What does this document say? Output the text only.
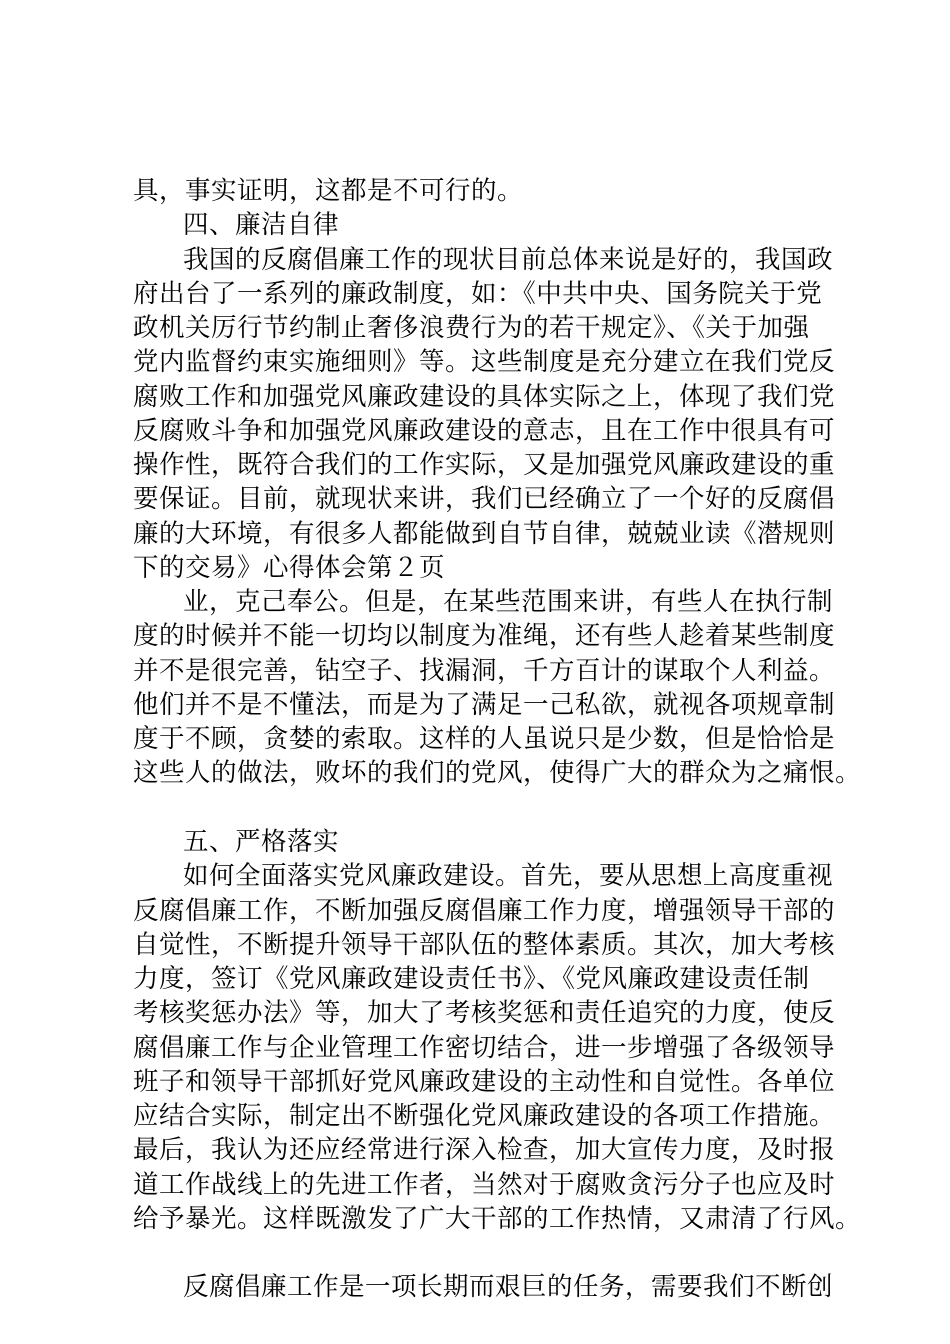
具，事实证明，这都是不可行的。
四、廉洁自律
我国的反腐倡廉工作的现状目前总体来说是好的，我国政
府出台了一系列的廉政制度，如：《中共中央、国务院关于党
政机关厉行节约制止奢侈浪费行为的若干规定》、《关于加强
党内监督约束实施细则》等。这些制度是充分建立在我们党反
腐败工作和加强党风廉政建设的具体实际之上，体现了我们党
反腐败斗争和加强党风廉政建设的意志，且在工作中很具有可
操作性，既符合我们的工作实际，又是加强党风廉政建设的重
要保证。目前，就现状来讲，我们已经确立了一个好的反腐倡
廉的大环境，有很多人都能做到自节自律，兢兢业读《潜规则
下的交易》心得体会第２页
业，克己奉公。但是，在某些范围来讲，有些人在执行制
度的时候并不能一切均以制度为准绳，还有些人趁着某些制度
并不是很完善，钻空子、找漏洞，千方百计的谋取个人利益。
他们并不是不懂法，而是为了满足一己私欲，就视各项规章制
度于不顾，贪婪的索取。这样的人虽说只是少数，但是恰恰是
这些人的做法，败坏的我们的党风，使得广大的群众为之痛恨。
五、严格落实
如何全面落实党风廉政建设。首先，要从思想上高度重视
反腐倡廉工作，不断加强反腐倡廉工作力度，增强领导干部的
自觉性，不断提升领导干部队伍的整体素质。其次，加大考核
力度，签订《党风廉政建设责任书》、《党风廉政建设责任制
考核奖惩办法》等，加大了考核奖惩和责任追究的力度，使反
腐倡廉工作与企业管理工作密切结合，进一步增强了各级领导
班子和领导干部抓好党风廉政建设的主动性和自觉性。各单位
应结合实际，制定出不断强化党风廉政建设的各项工作措施。
最后，我认为还应经常进行深入检查，加大宣传力度，及时报
道工作战线上的先进工作者，当然对于腐败贪污分子也应及时
给予暴光。这样既激发了广大干部的工作热情，又肃清了行风。
反腐倡廉工作是一项长期而艰巨的任务，需要我们不断创
